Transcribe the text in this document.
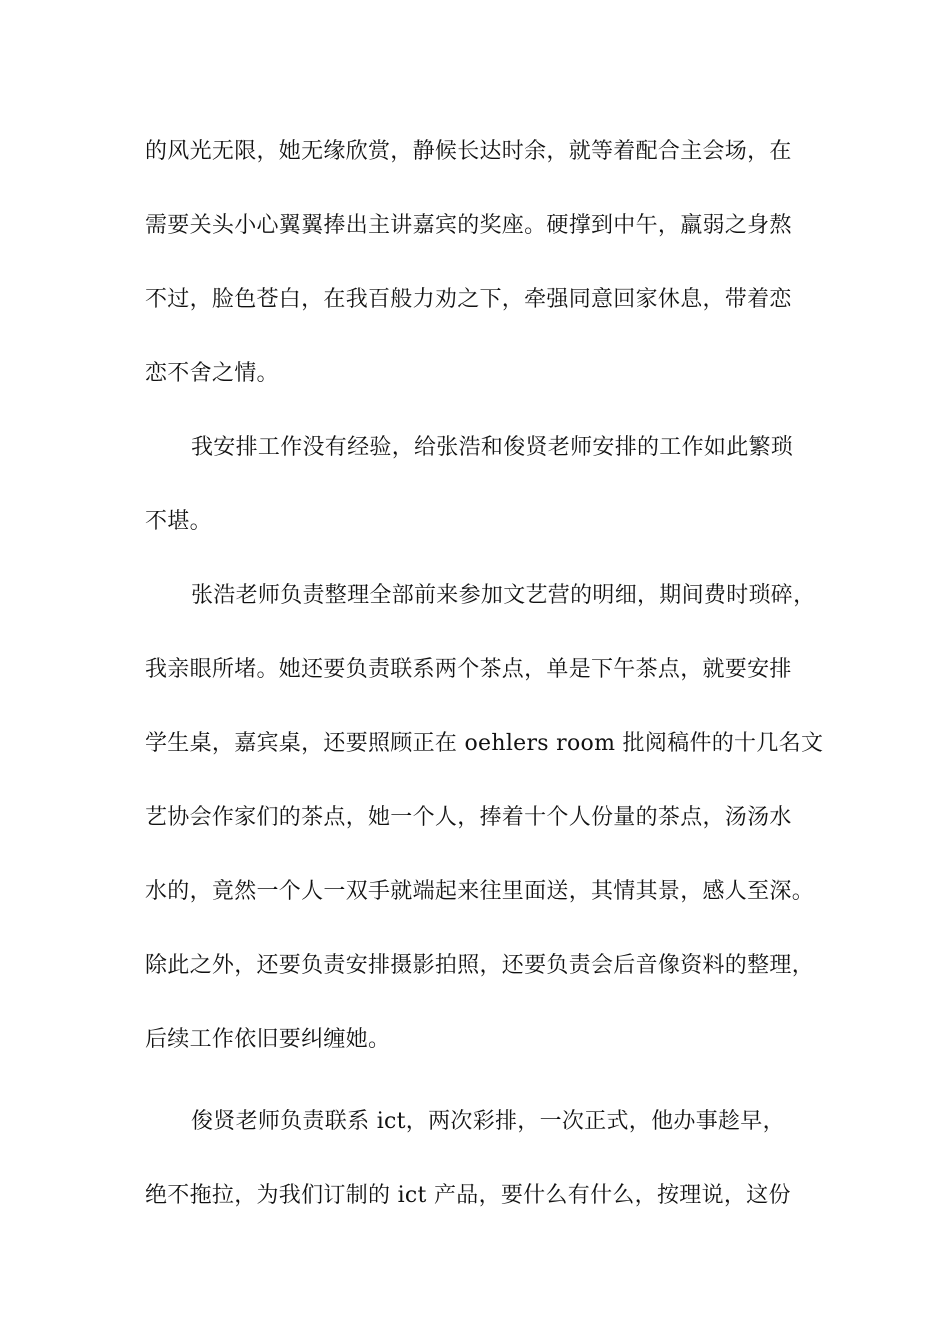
的风光无限，她无缘欣赏，静候长达时余，就等着配合主会场，在
需要关头小心翼翼捧出主讲嘉宾的奖座。硬撑到中午，羸弱之身熬
不过，脸色苍白，在我百般力劝之下，牵强同意回家休息，带着恋
恋不舍之情。
我安排工作没有经验，给张浩和俊贤老师安排的工作如此繁琐
不堪。
张浩老师负责整理全部前来参加文艺营的明细，期间费时琐碎，
我亲眼所堵。她还要负责联系两个茶点，单是下午茶点，就要安排
学生桌，嘉宾桌，还要照顾正在 oehlers room 批阅稿件的十几名文
艺协会作家们的茶点，她一个人，捧着十个人份量的茶点，汤汤水
水的，竟然一个人一双手就端起来往里面送，其情其景，感人至深。
除此之外，还要负责安排摄影拍照，还要负责会后音像资料的整理，
后续工作依旧要纠缠她。
俊贤老师负责联系 ict，两次彩排，一次正式，他办事趁早，
绝不拖拉，为我们订制的 ict 产品，要什么有什么，按理说，这份
